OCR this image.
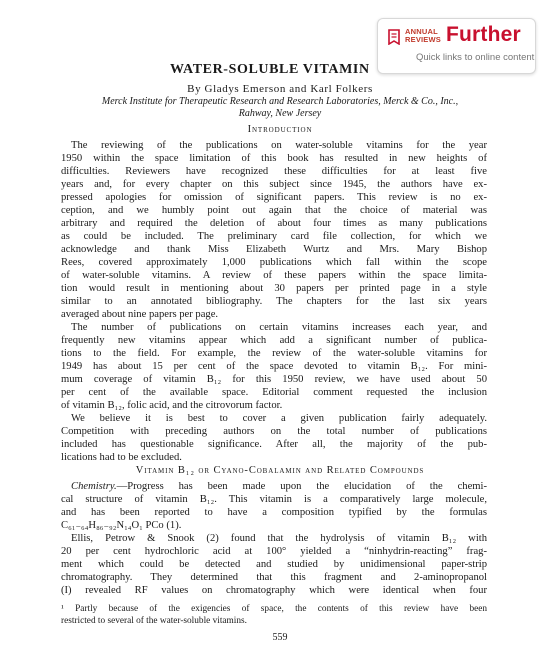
ANNUAL
REVIEWS Further
Quick links to online content
WATER-SOLUBLE VITAMIN
By Gladys Emerson and Karl Folkers
Merck Institute for Therapeutic Research and Research Laboratories, Merck & Co., Inc.,
Rahway, New Jersey
Introduction
The reviewing of the publications on water-soluble vitamins for the year
1950 within the space limitation of this book has resulted in new heights of
difficulties. Reviewers have recognized these difficulties for at least five
years and, for every chapter on this subject since 1945, the authors have ex-
pressed apologies for omission of significant papers. This review is no ex-
ception, and we humbly point out again that the choice of material was
arbitrary and required the deletion of about four times as many publications
as could be included. The preliminary card file collection, for which we
acknowledge and thank Miss Elizabeth Wurtz and Mrs. Mary Bishop
Rees, covered approximately 1,000 publications which fall within the scope
of water-soluble vitamins. A review of these papers within the space limita-
tion would result in mentioning about 30 papers per printed page in a style
similar to an annotated bibliography. The chapters for the last six years
averaged about nine papers per page.
The number of publications on certain vitamins increases each year, and
frequently new vitamins appear which add a significant number of publica-
tions to the field. For example, the review of the water-soluble vitamins for
1949 has about 15 per cent of the space devoted to vitamin B₁₂. For mini-
mum coverage of vitamin B₁₂ for this 1950 review, we have used about 50
per cent of the available space. Editorial comment requested the inclusion
of vitamin B₁₂, folic acid, and the citrovorum factor.
We believe it is best to cover a given publication fairly adequately.
Competition with preceding authors on the total number of publications
included has questionable significance. After all, the majority of the pub-
lications had to be excluded.
Vitamin B₁₂ or Cyano-Cobalamin and Related Compounds
Chemistry.—Progress has been made upon the elucidation of the chemi-
cal structure of vitamin B₁₂. This vitamin is a comparatively large molecule,
and has been reported to have a composition typified by the formulas
C₆₁₋₆₄H₈₆₋₉₂N₁₄O₁ PCo (1).
Ellis, Petrow & Snook (2) found that the hydrolysis of vitamin B₁₂ with
20 per cent hydrochloric acid at 100° yielded a “ninhydrin-reacting” frag-
ment which could be detected and studied by unidimensional paper-strip
chromatography. They determined that this fragment and 2-aminopropanol
(I) revealed RF values on chromatography which were identical when four
¹ Partly because of the exigencies of space, the contents of this review have been
restricted to several of the water-soluble vitamins.
559
